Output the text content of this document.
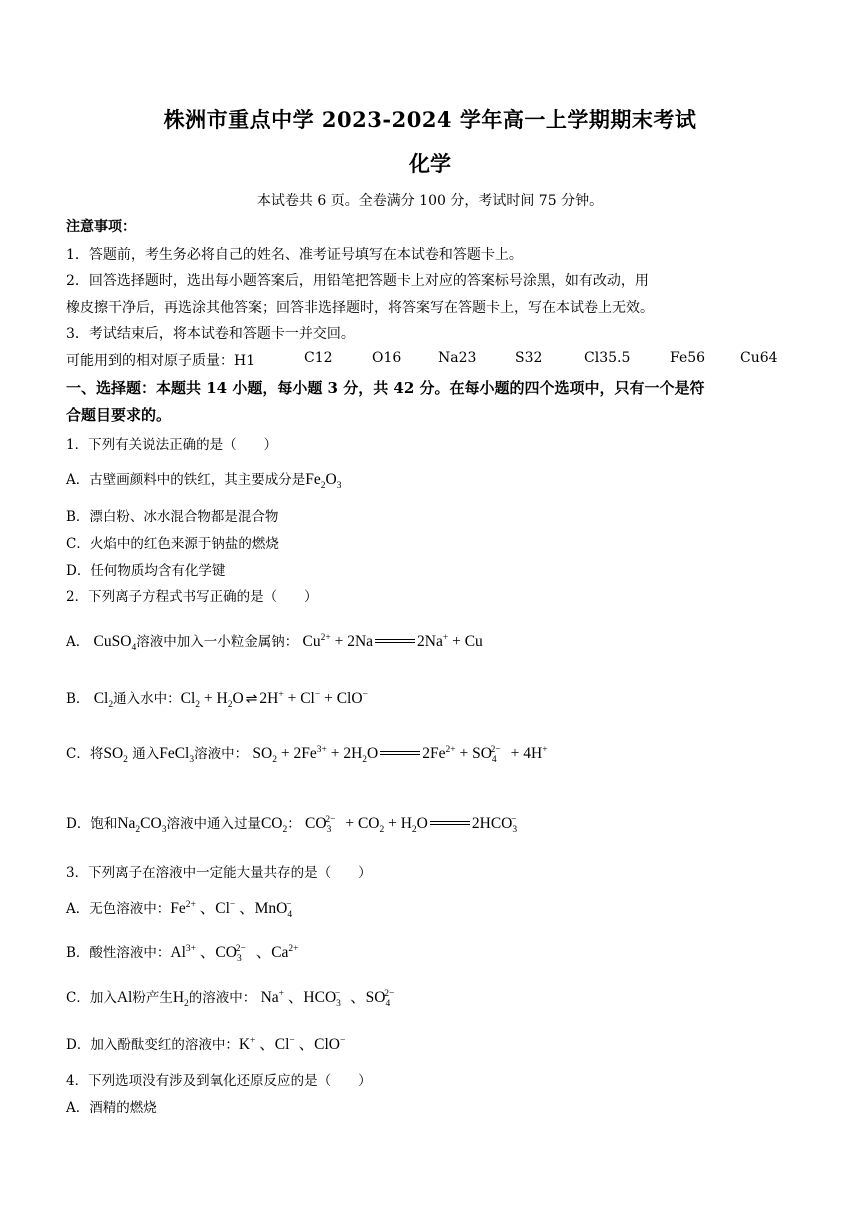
株洲市重点中学 2023-2024 学年高一上学期期末考试
化学
本试卷共 6 页。全卷满分 100 分，考试时间 75 分钟。
注意事项：
1．答题前，考生务必将自己的姓名、准考证号填写在本试卷和答题卡上。
2．回答选择题时，选出每小题答案后，用铅笔把答题卡上对应的答案标号涂黑，如有改动，用
橡皮擦干净后，再选涂其他答案；回答非选择题时，将答案写在答题卡上，写在本试卷上无效。
3．考试结束后，将本试卷和答题卡一并交回。
可能用到的相对原子质量：H1	C12	O16	Na23	S32	Cl35.5	Fe56	Cu64
一、选择题：本题共 14 小题，每小题 3 分，共 42 分。在每小题的四个选项中，只有一个是符
合题目要求的。
1．下列有关说法正确的是（　　）
A．古壁画颜料中的铁红，其主要成分是$Fe_2O_3$
B．漂白粉、冰水混合物都是混合物
C．火焰中的红色来源于钠盐的燃烧
D．任何物质均含有化学键
2．下列离子方程式书写正确的是（　　）
A． CuSO$_4$溶液中加入一小粒金属钠： $Cu^{2+} + 2Na$	2Na+ + Cu
B． $Cl_2$通入水中：$Cl_2 + H_2O$ ⇌ 2H+ + Cl− + ClO−
C．将$SO_2$ 通入FeCl$_3$溶液中： $SO_2 + 2Fe^{3+} + 2H_2O$	$2Fe^{2+} + SO_4^{2-} + 4H^+$
D．饱和$Na_2CO_3$溶液中通入过量$CO_2$： $CO_3^{2-} + CO_2 + H_2O$	$2HCO_3^-$
3．下列离子在溶液中一定能大量共存的是（　　）
A．无色溶液中：$Fe^{2+}$ 、Cl− 、MnO$_4$−
B．酸性溶液中：$Al^{3+}$ 、$CO_3^{2-}$ 、$Ca^{2+}$
C．加入Al粉产生$H_2$的溶液中： Na+ 、$HCO_3^-$ 、$SO_4^{2-}$
D．加入酚酞变红的溶液中：K+ 、Cl− 、ClO−
4．下列选项没有涉及到氧化还原反应的是（　　）
A．酒精的燃烧
